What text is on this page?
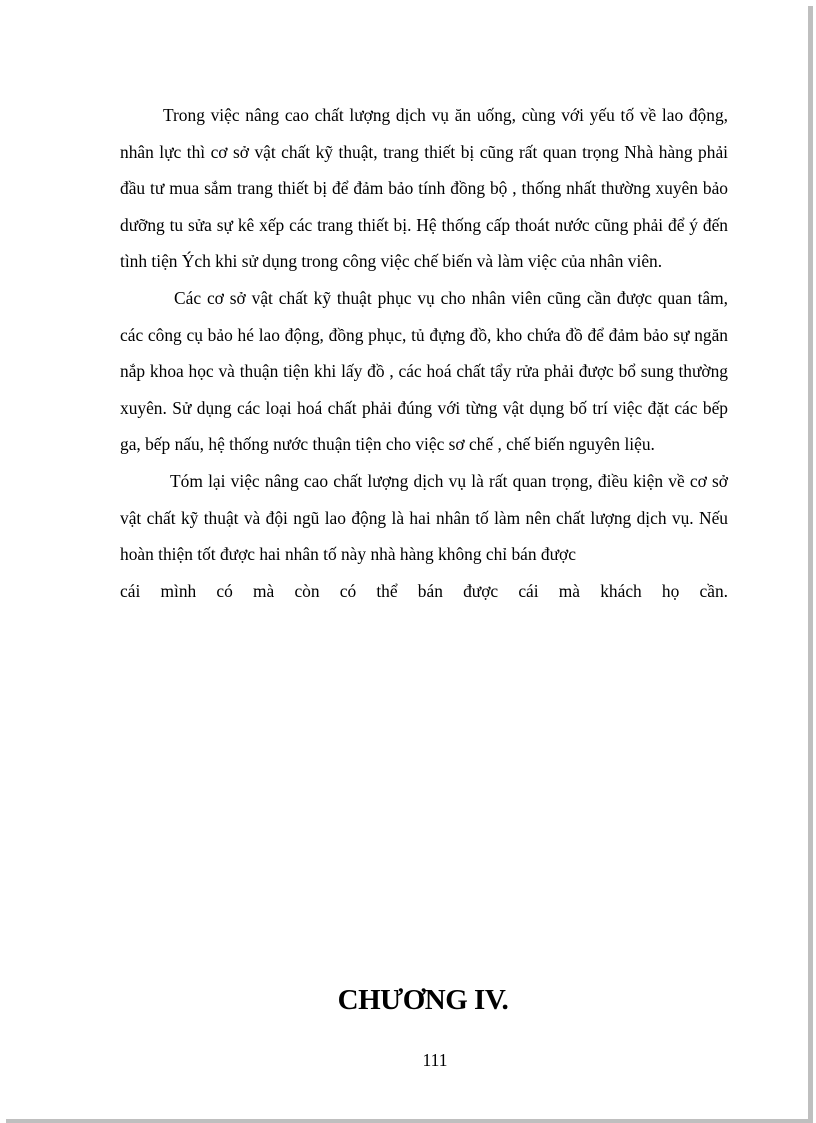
Trong việc nâng cao chất lượng dịch vụ ăn uống, cùng với yếu tố về lao động, nhân lực thì cơ sở vật chất kỹ thuật, trang thiết bị cũng rất quan trọng Nhà hàng phải đầu tư mua sắm trang thiết bị để đảm bảo tính đồng bộ , thống nhất thường xuyên bảo dưỡng tu sửa sự kê xếp các trang thiết bị. Hệ thống cấp thoát nước cũng phải để ý đến tình tiện Ých khi sử dụng trong công việc chế biến và làm việc của nhân viên.

Các cơ sở vật chất kỹ thuật phục vụ cho nhân viên cũng cần được quan tâm, các công cụ bảo hé lao động, đồng phục, tủ đựng đồ, kho chứa đồ để đảm bảo sự ngăn nắp khoa học và thuận tiện khi lấy đồ , các hoá chất tẩy rửa phải được bổ sung thường xuyên. Sử dụng các loại hoá chất phải đúng với từng vật dụng bố trí việc đặt các bếp ga, bếp nấu, hệ thống nước thuận tiện cho việc sơ chế , chế biến nguyên liệu.

Tóm lại việc nâng cao chất lượng dịch vụ là rất quan trọng, điều kiện về cơ sở vật chất kỹ thuật và đội ngũ lao động là hai nhân tố làm nên chất lượng dịch vụ. Nếu hoàn thiện tốt được hai nhân tố này nhà hàng không chỉ bán được
cái mình có mà còn có thể bán được cái mà khách họ cần.

CHƯƠNG IV.
111
